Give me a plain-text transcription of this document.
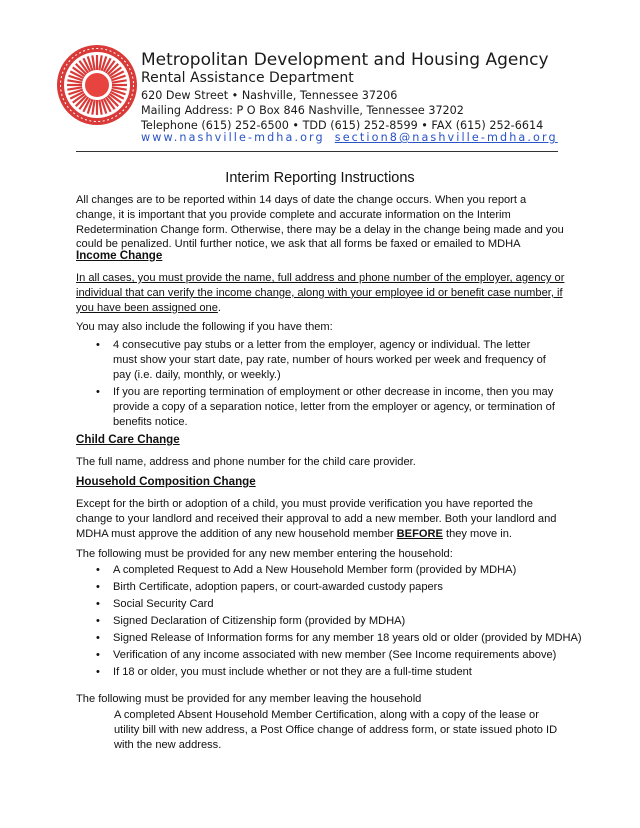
Metropolitan Development and Housing Agency
Rental Assistance Department
620 Dew Street • Nashville, Tennessee 37206
Mailing Address: P O Box 846 Nashville, Tennessee 37202
Telephone (615) 252-6500 • TDD (615) 252-8599 • FAX (615) 252-6614
www.nashville-mdha.org section8@nashville-mdha.org
Interim Reporting Instructions
All changes are to be reported within 14 days of date the change occurs. When you report a change, it is important that you provide complete and accurate information on the Interim Redetermination Change form. Otherwise, there may be a delay in the change being made and you could be penalized. Until further notice, we ask that all forms be faxed or emailed to MDHA
Income Change
In all cases, you must provide the name, full address and phone number of the employer, agency or individual that can verify the income change, along with your employee id or benefit case number, if you have been assigned one.
You may also include the following if you have them:
• 4 consecutive pay stubs or a letter from the employer, agency or individual. The letter must show your start date, pay rate, number of hours worked per week and frequency of pay (i.e. daily, monthly, or weekly.)
• If you are reporting termination of employment or other decrease in income, then you may provide a copy of a separation notice, letter from the employer or agency, or termination of benefits notice.
Child Care Change
The full name, address and phone number for the child care provider.
Household Composition Change
Except for the birth or adoption of a child, you must provide verification you have reported the change to your landlord and received their approval to add a new member. Both your landlord and MDHA must approve the addition of any new household member BEFORE they move in.
The following must be provided for any new member entering the household:
• A completed Request to Add a New Household Member form (provided by MDHA)
• Birth Certificate, adoption papers, or court-awarded custody papers
• Social Security Card
• Signed Declaration of Citizenship form (provided by MDHA)
• Signed Release of Information forms for any member 18 years old or older (provided by MDHA)
• Verification of any income associated with new member (See Income requirements above)
• If 18 or older, you must include whether or not they are a full-time student
The following must be provided for any member leaving the household
A completed Absent Household Member Certification, along with a copy of the lease or utility bill with new address, a Post Office change of address form, or state issued photo ID with the new address.
